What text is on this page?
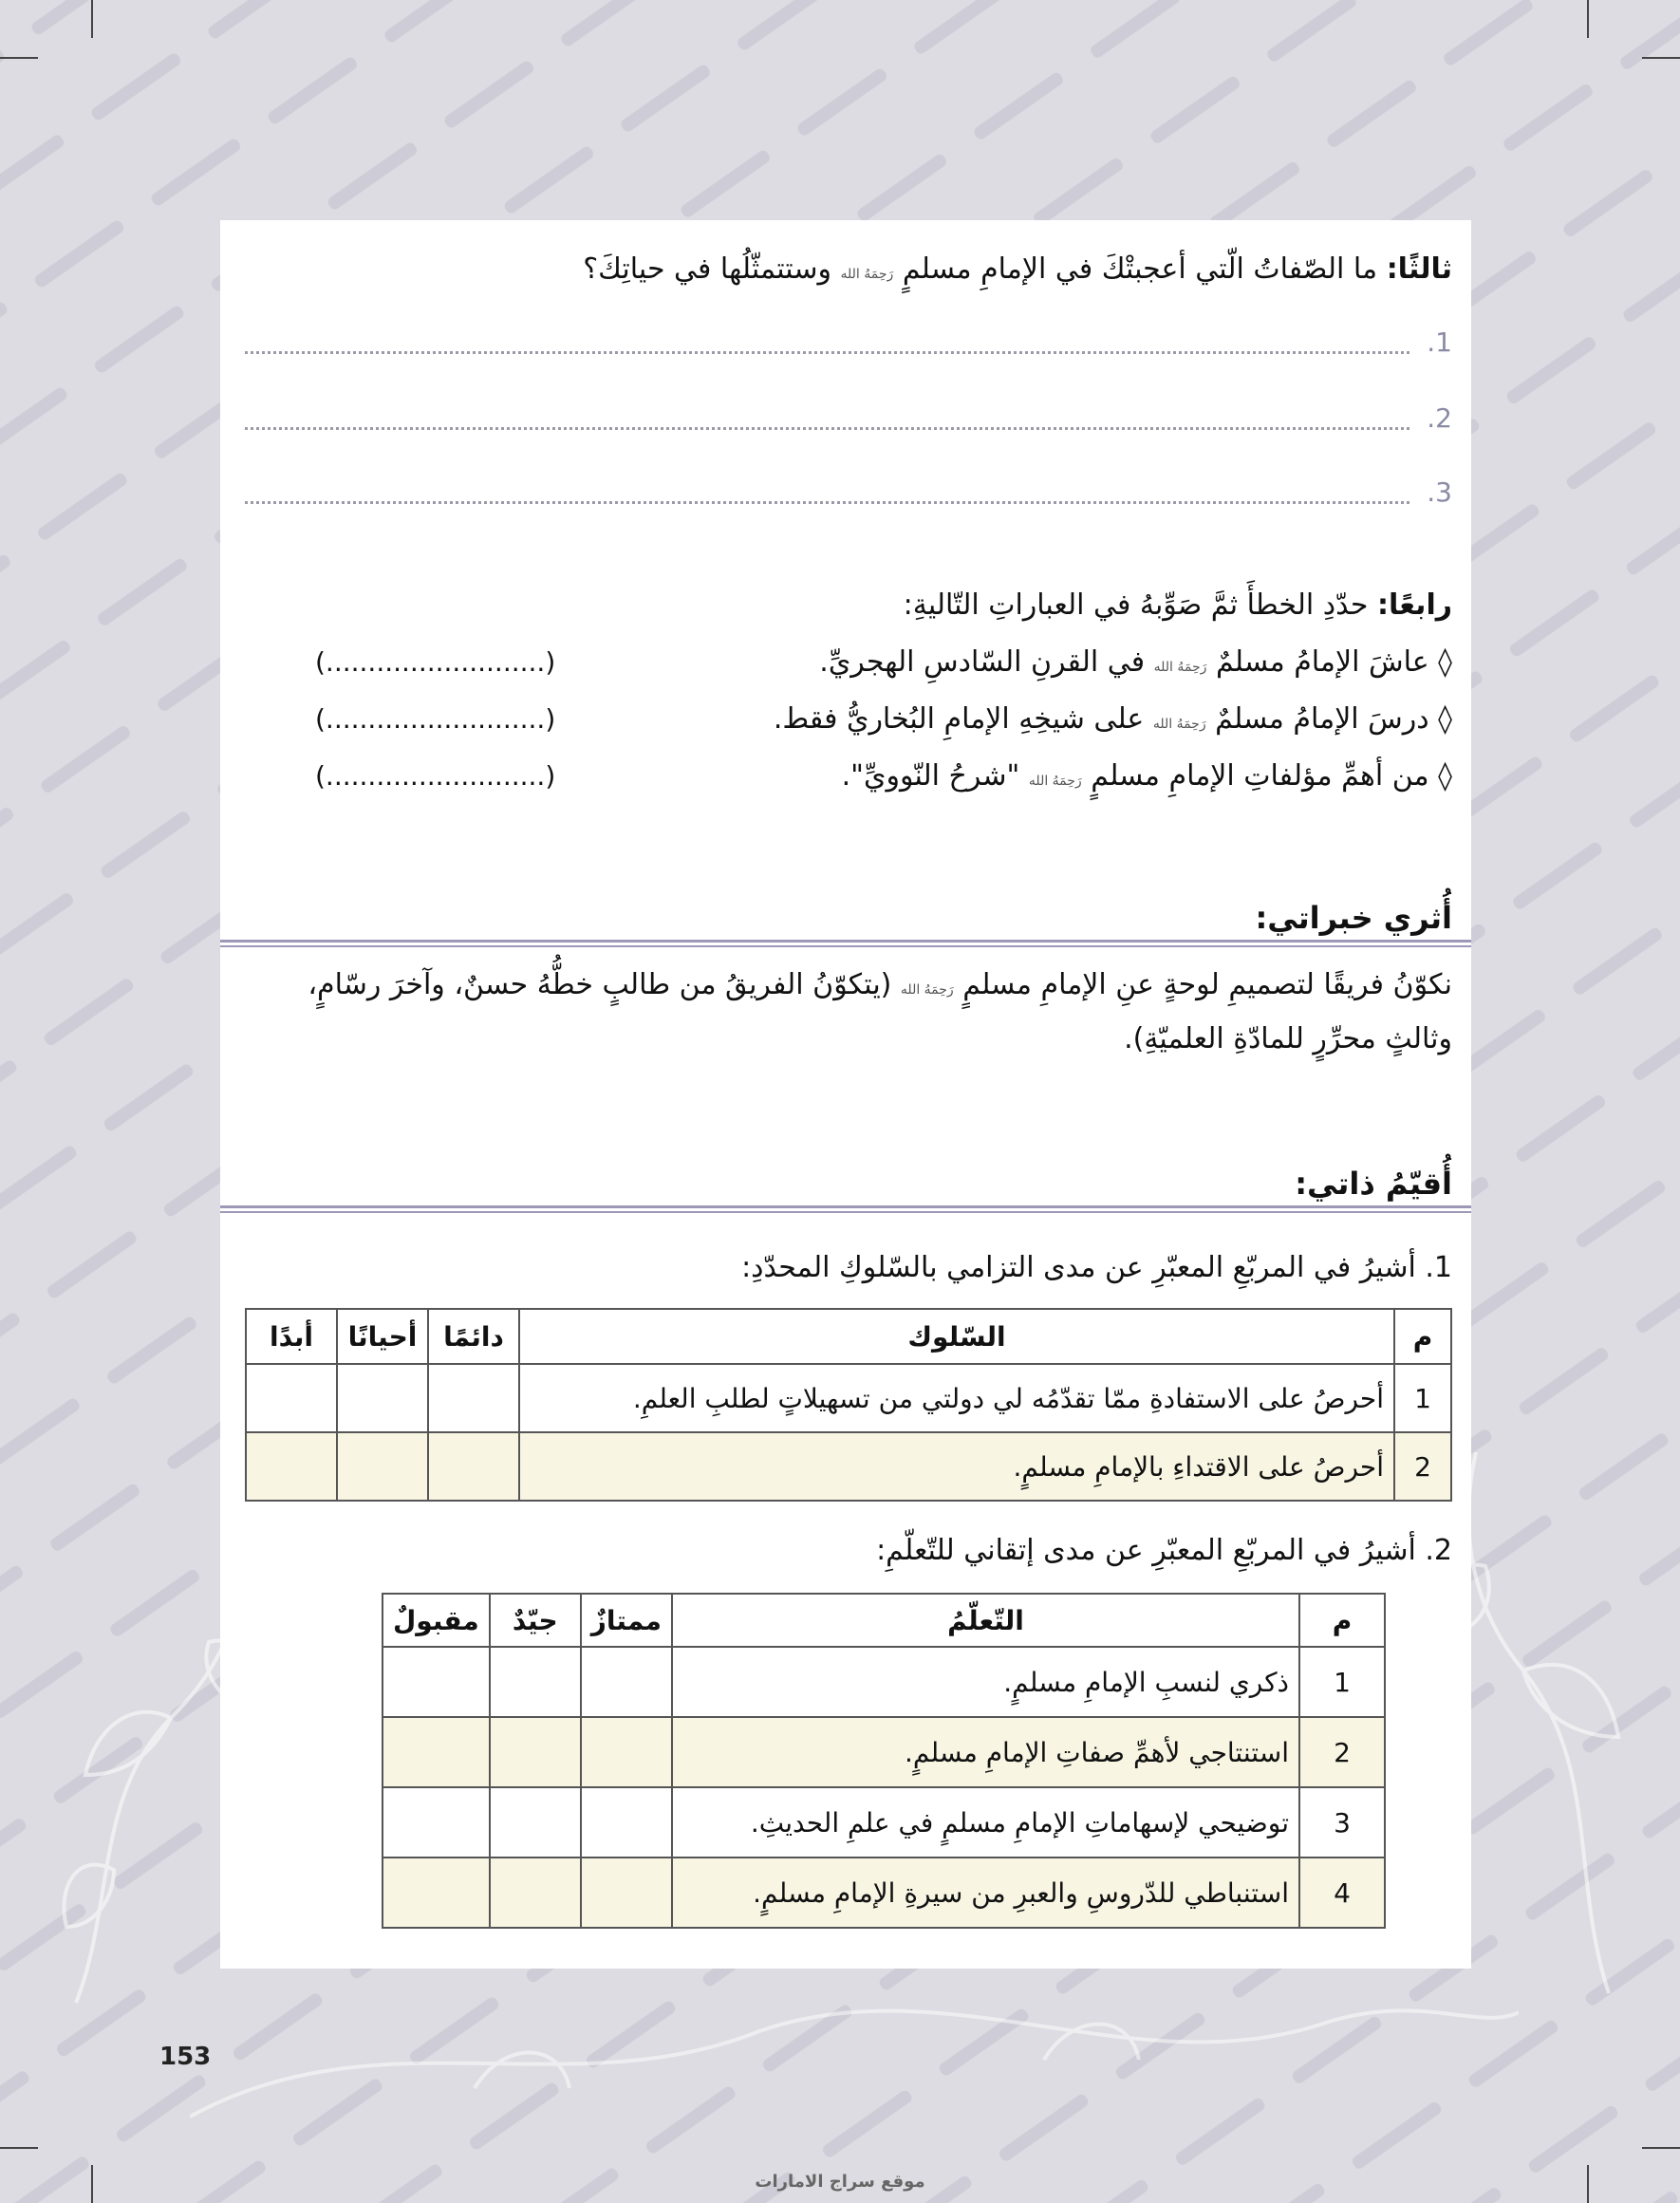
ثالثًا: ما الصّفاتُ الّتي أعجبتْكَ في الإمامِ مسلمٍ رَحِمَهُ الله وستتمثّلُها في حياتِكَ؟
1.
2.
3.
رابعًا: حدّدِ الخطأَ ثمَّ صَوِّبهُ في العباراتِ التّاليةِ:
◊ عاشَ الإمامُ مسلمٌ رَحِمَهُ الله في القرنِ السّادسِ الهجريِّ.
(..........................)
◊ درسَ الإمامُ مسلمٌ رَحِمَهُ الله على شيخِهِ الإمامِ البُخاريُّ فقط.
(..........................)
◊ من أهمِّ مؤلفاتِ الإمامِ مسلمٍ رَحِمَهُ الله "شرحُ النّوويِّ".
(..........................)
أُثري خبراتي:
نكوّنُ فريقًا لتصميمِ لوحةٍ عنِ الإمامِ مسلمٍ رَحِمَهُ الله (يتكوّنُ الفريقُ من طالبٍ خطُّهُ حسنٌ، وآخرَ رسّامٍ،
وثالثٍ محرِّرٍ للمادّةِ العلميّةِ).
أُقيّمُ ذاتي:
1. أشيرُ في المربّعِ المعبّرِ عن مدى التزامي بالسّلوكِ المحدّدِ:
م	السّلوك	دائمًا	أحيانًا	أبدًا
1	أحرصُ على الاستفادةِ ممّا تقدّمُه لي دولتي من تسهيلاتٍ لطلبِ العلمِ.			
2	أحرصُ على الاقتداءِ بالإمامِ مسلمٍ.			
2. أشيرُ في المربّعِ المعبّرِ عن مدى إتقاني للتّعلّمِ:
م	التّعلّمُ	ممتازٌ	جيّدٌ	مقبولٌ
1	ذكري لنسبِ الإمامِ مسلمٍ.			
2	استنتاجي لأهمِّ صفاتِ الإمامِ مسلمٍ.			
3	توضيحي لإسهاماتِ الإمامِ مسلمٍ في علمِ الحديثِ.			
4	استنباطي للدّروسِ والعبرِ من سيرةِ الإمامِ مسلمٍ.			
153
موقع سراج الامارات
